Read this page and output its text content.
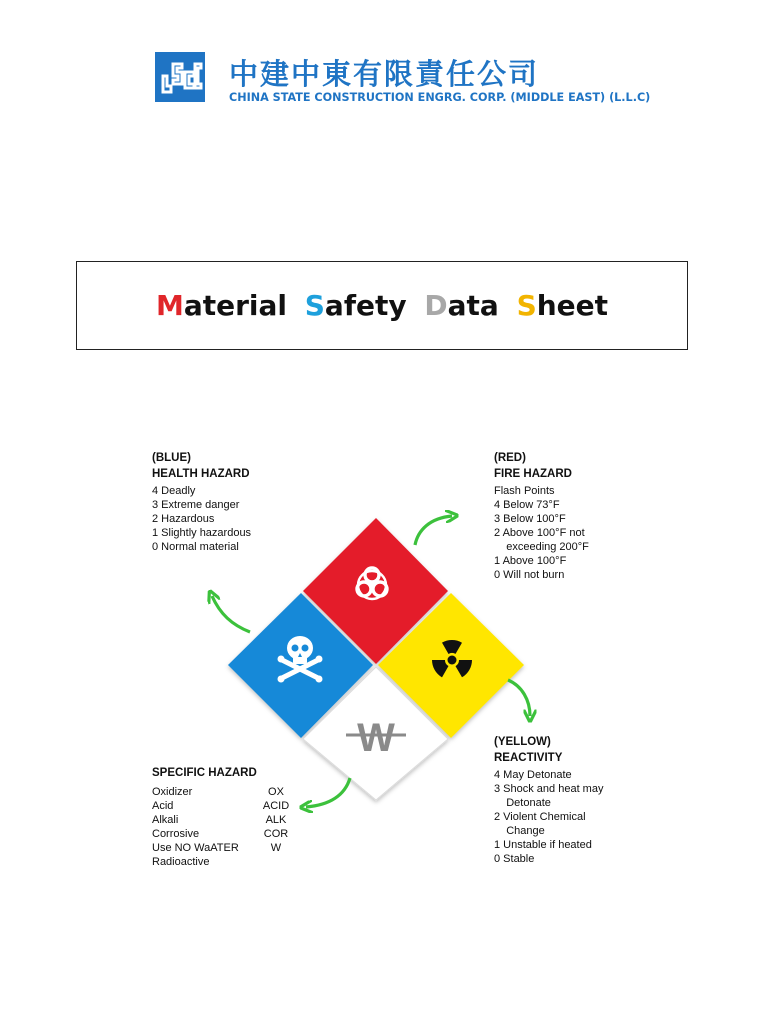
中建中東有限責任公司
CHINA STATE CONSTRUCTION ENGRG. CORP. (MIDDLE EAST) (L.L.C)
Material Safety Data Sheet
W
(BLUE)
HEALTH HAZARD
4 Deadly
3 Extreme danger
2 Hazardous
1 Slightly hazardous
0 Normal material
(RED)
FIRE HAZARD
Flash Points
4 Below 73°F
3 Below 100°F
2 Above 100°F not
exceeding 200°F
1 Above 100°F
0 Will not burn
(YELLOW)
REACTIVITY
4 May Detonate
3 Shock and heat may
Detonate
2 Violent Chemical
Change
1 Unstable if heated
0 Stable
SPECIFIC HAZARD
Oxidizer	OX
Acid	ACID
Alkali	ALK
Corrosive	COR
Use NO WaATER	W
Radioactive
